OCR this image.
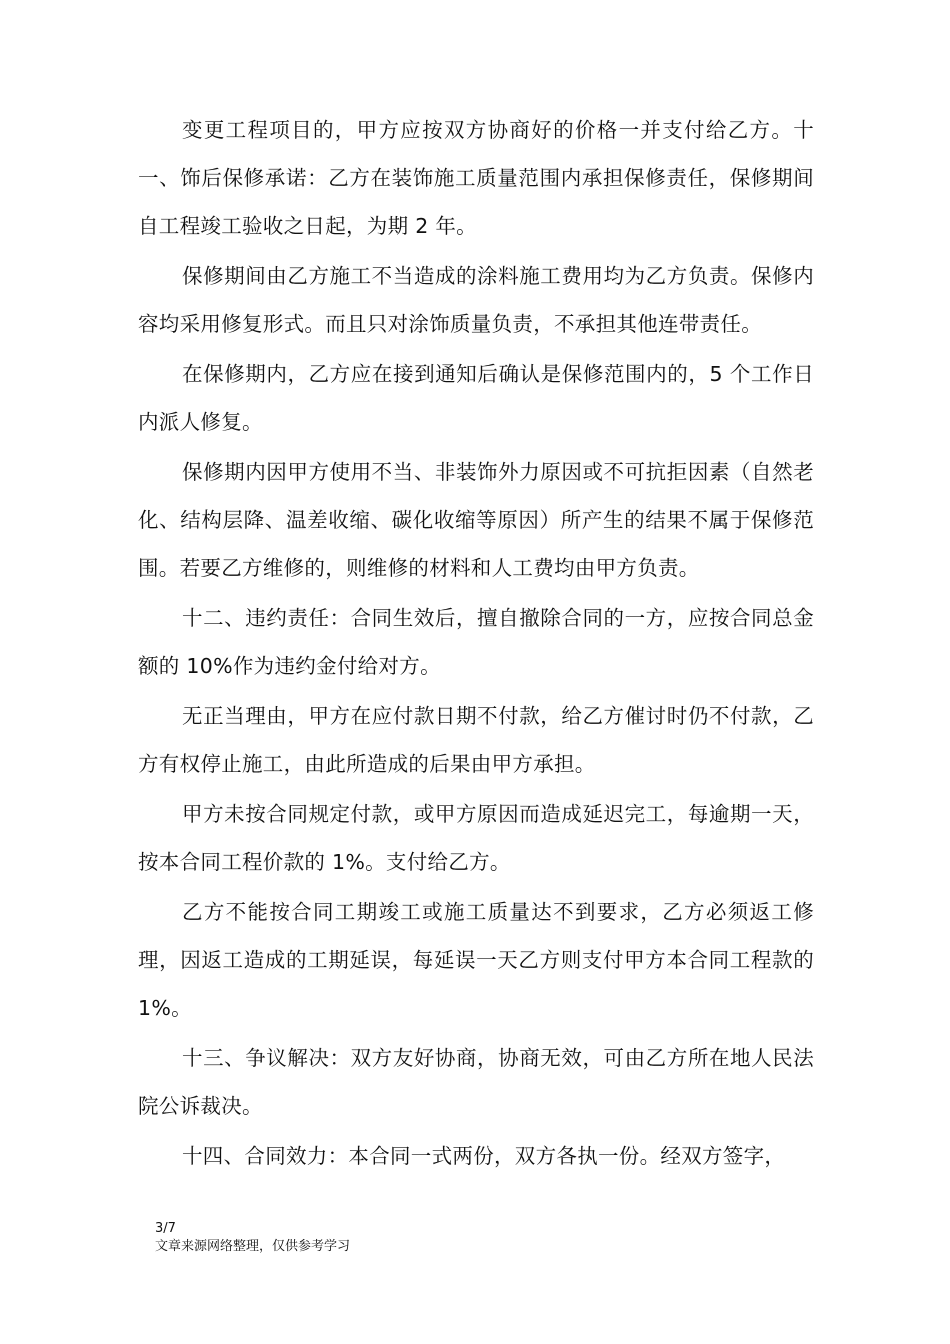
变更工程项目的，甲方应按双方协商好的价格一并支付给乙方。十一、饰后保修承诺：乙方在装饰施工质量范围内承担保修责任，保修期间自工程竣工验收之日起，为期 2 年。

保修期间由乙方施工不当造成的涂料施工费用均为乙方负责。保修内容均采用修复形式。而且只对涂饰质量负责，不承担其他连带责任。

在保修期内，乙方应在接到通知后确认是保修范围内的，5 个工作日内派人修复。

保修期内因甲方使用不当、非装饰外力原因或不可抗拒因素（自然老化、结构层降、温差收缩、碳化收缩等原因）所产生的结果不属于保修范围。若要乙方维修的，则维修的材料和人工费均由甲方负责。

十二、违约责任：合同生效后，擅自撤除合同的一方，应按合同总金额的 10%作为违约金付给对方。

无正当理由，甲方在应付款日期不付款，给乙方催讨时仍不付款，乙方有权停止施工，由此所造成的后果由甲方承担。

甲方未按合同规定付款，或甲方原因而造成延迟完工，每逾期一天，按本合同工程价款的 1%。支付给乙方。

乙方不能按合同工期竣工或施工质量达不到要求，乙方必须返工修理，因返工造成的工期延误，每延误一天乙方则支付甲方本合同工程款的 1%。

十三、争议解决：双方友好协商，协商无效，可由乙方所在地人民法院公诉裁决。

十四、合同效力：本合同一式两份，双方各执一份。经双方签字，

3/7
文章来源网络整理，仅供参考学习
